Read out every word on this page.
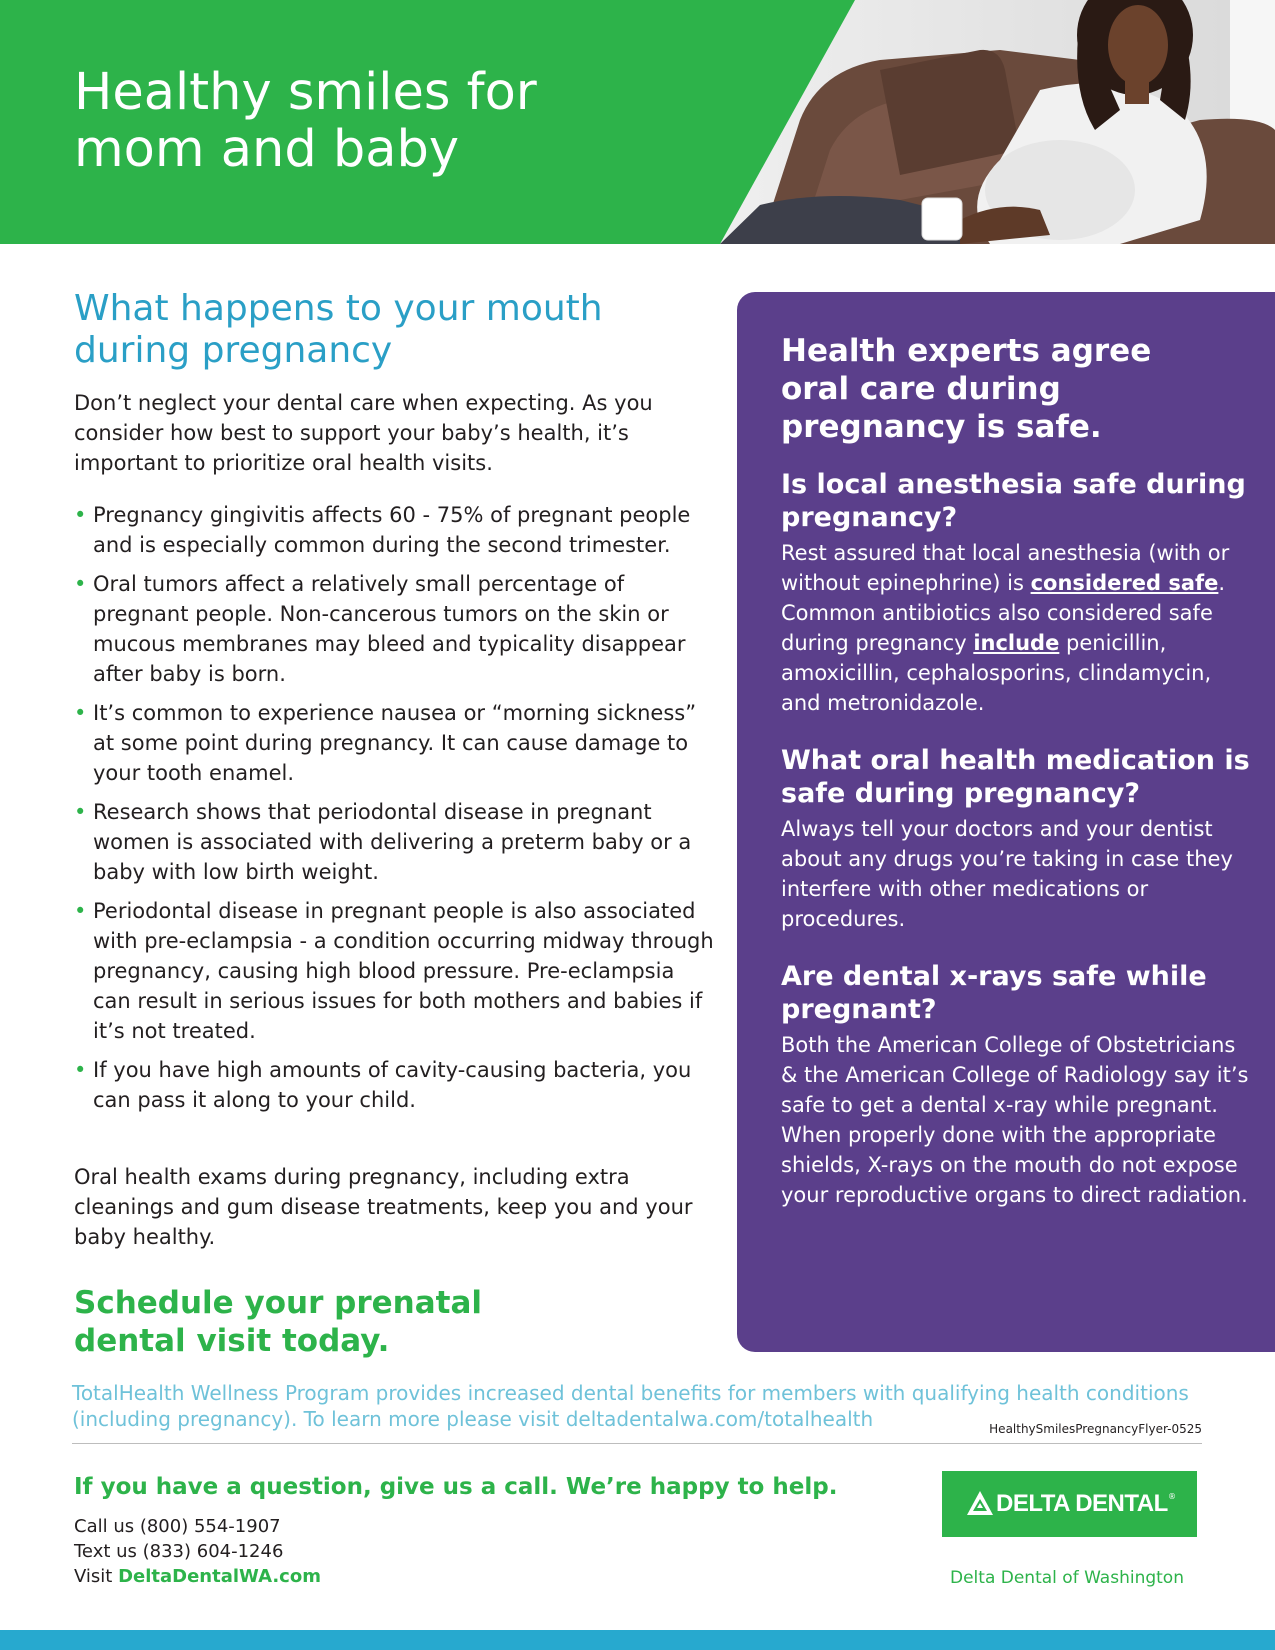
Healthy smiles for
mom and baby
What happens to your mouth
during pregnancy

Don’t neglect your dental care when expecting. As you consider how best to support your baby’s health, it’s important to prioritize oral health visits.

• Pregnancy gingivitis affects 60 - 75% of pregnant people and is especially common during the second trimester.
• Oral tumors affect a relatively small percentage of pregnant people. Non-cancerous tumors on the skin or mucous membranes may bleed and typicality disappear after baby is born.
• It’s common to experience nausea or “morning sickness” at some point during pregnancy. It can cause damage to your tooth enamel.
• Research shows that periodontal disease in pregnant women is associated with delivering a preterm baby or a baby with low birth weight.
• Periodontal disease in pregnant people is also associated with pre-eclampsia - a condition occurring midway through pregnancy, causing high blood pressure. Pre-eclampsia can result in serious issues for both mothers and babies if it’s not treated.
• If you have high amounts of cavity-causing bacteria, you can pass it along to your child.

Oral health exams during pregnancy, including extra cleanings and gum disease treatments, keep you and your baby healthy.

Schedule your prenatal
dental visit today.
Health experts agree
oral care during
pregnancy is safe.
Is local anesthesia safe during pregnancy?

Rest assured that local anesthesia (with or without epinephrine) is considered safe. Common antibiotics also considered safe during pregnancy include penicillin, amoxicillin, cephalosporins, clindamycin, and metronidazole.

What oral health medication is safe during pregnancy?

Always tell your doctors and your dentist about any drugs you’re taking in case they interfere with other medications or procedures.

Are dental x-rays safe while pregnant?

Both the American College of Obstetricians & the American College of Radiology say it’s safe to get a dental x-ray while pregnant. When properly done with the appropriate shields, X-rays on the mouth do not expose your reproductive organs to direct radiation.

TotalHealth Wellness Program provides increased dental benefits for members with qualifying health conditions
(including pregnancy). To learn more please visit deltadentalwa.com/totalhealth	HealthySmilesPregnancyFlyer-0525

If you have a question, give us a call. We’re happy to help.

Call us (800) 554-1907
Text us (833) 604-1246
Visit DeltaDentalWA.com

DELTA DENTAL ®
Delta Dental of Washington
